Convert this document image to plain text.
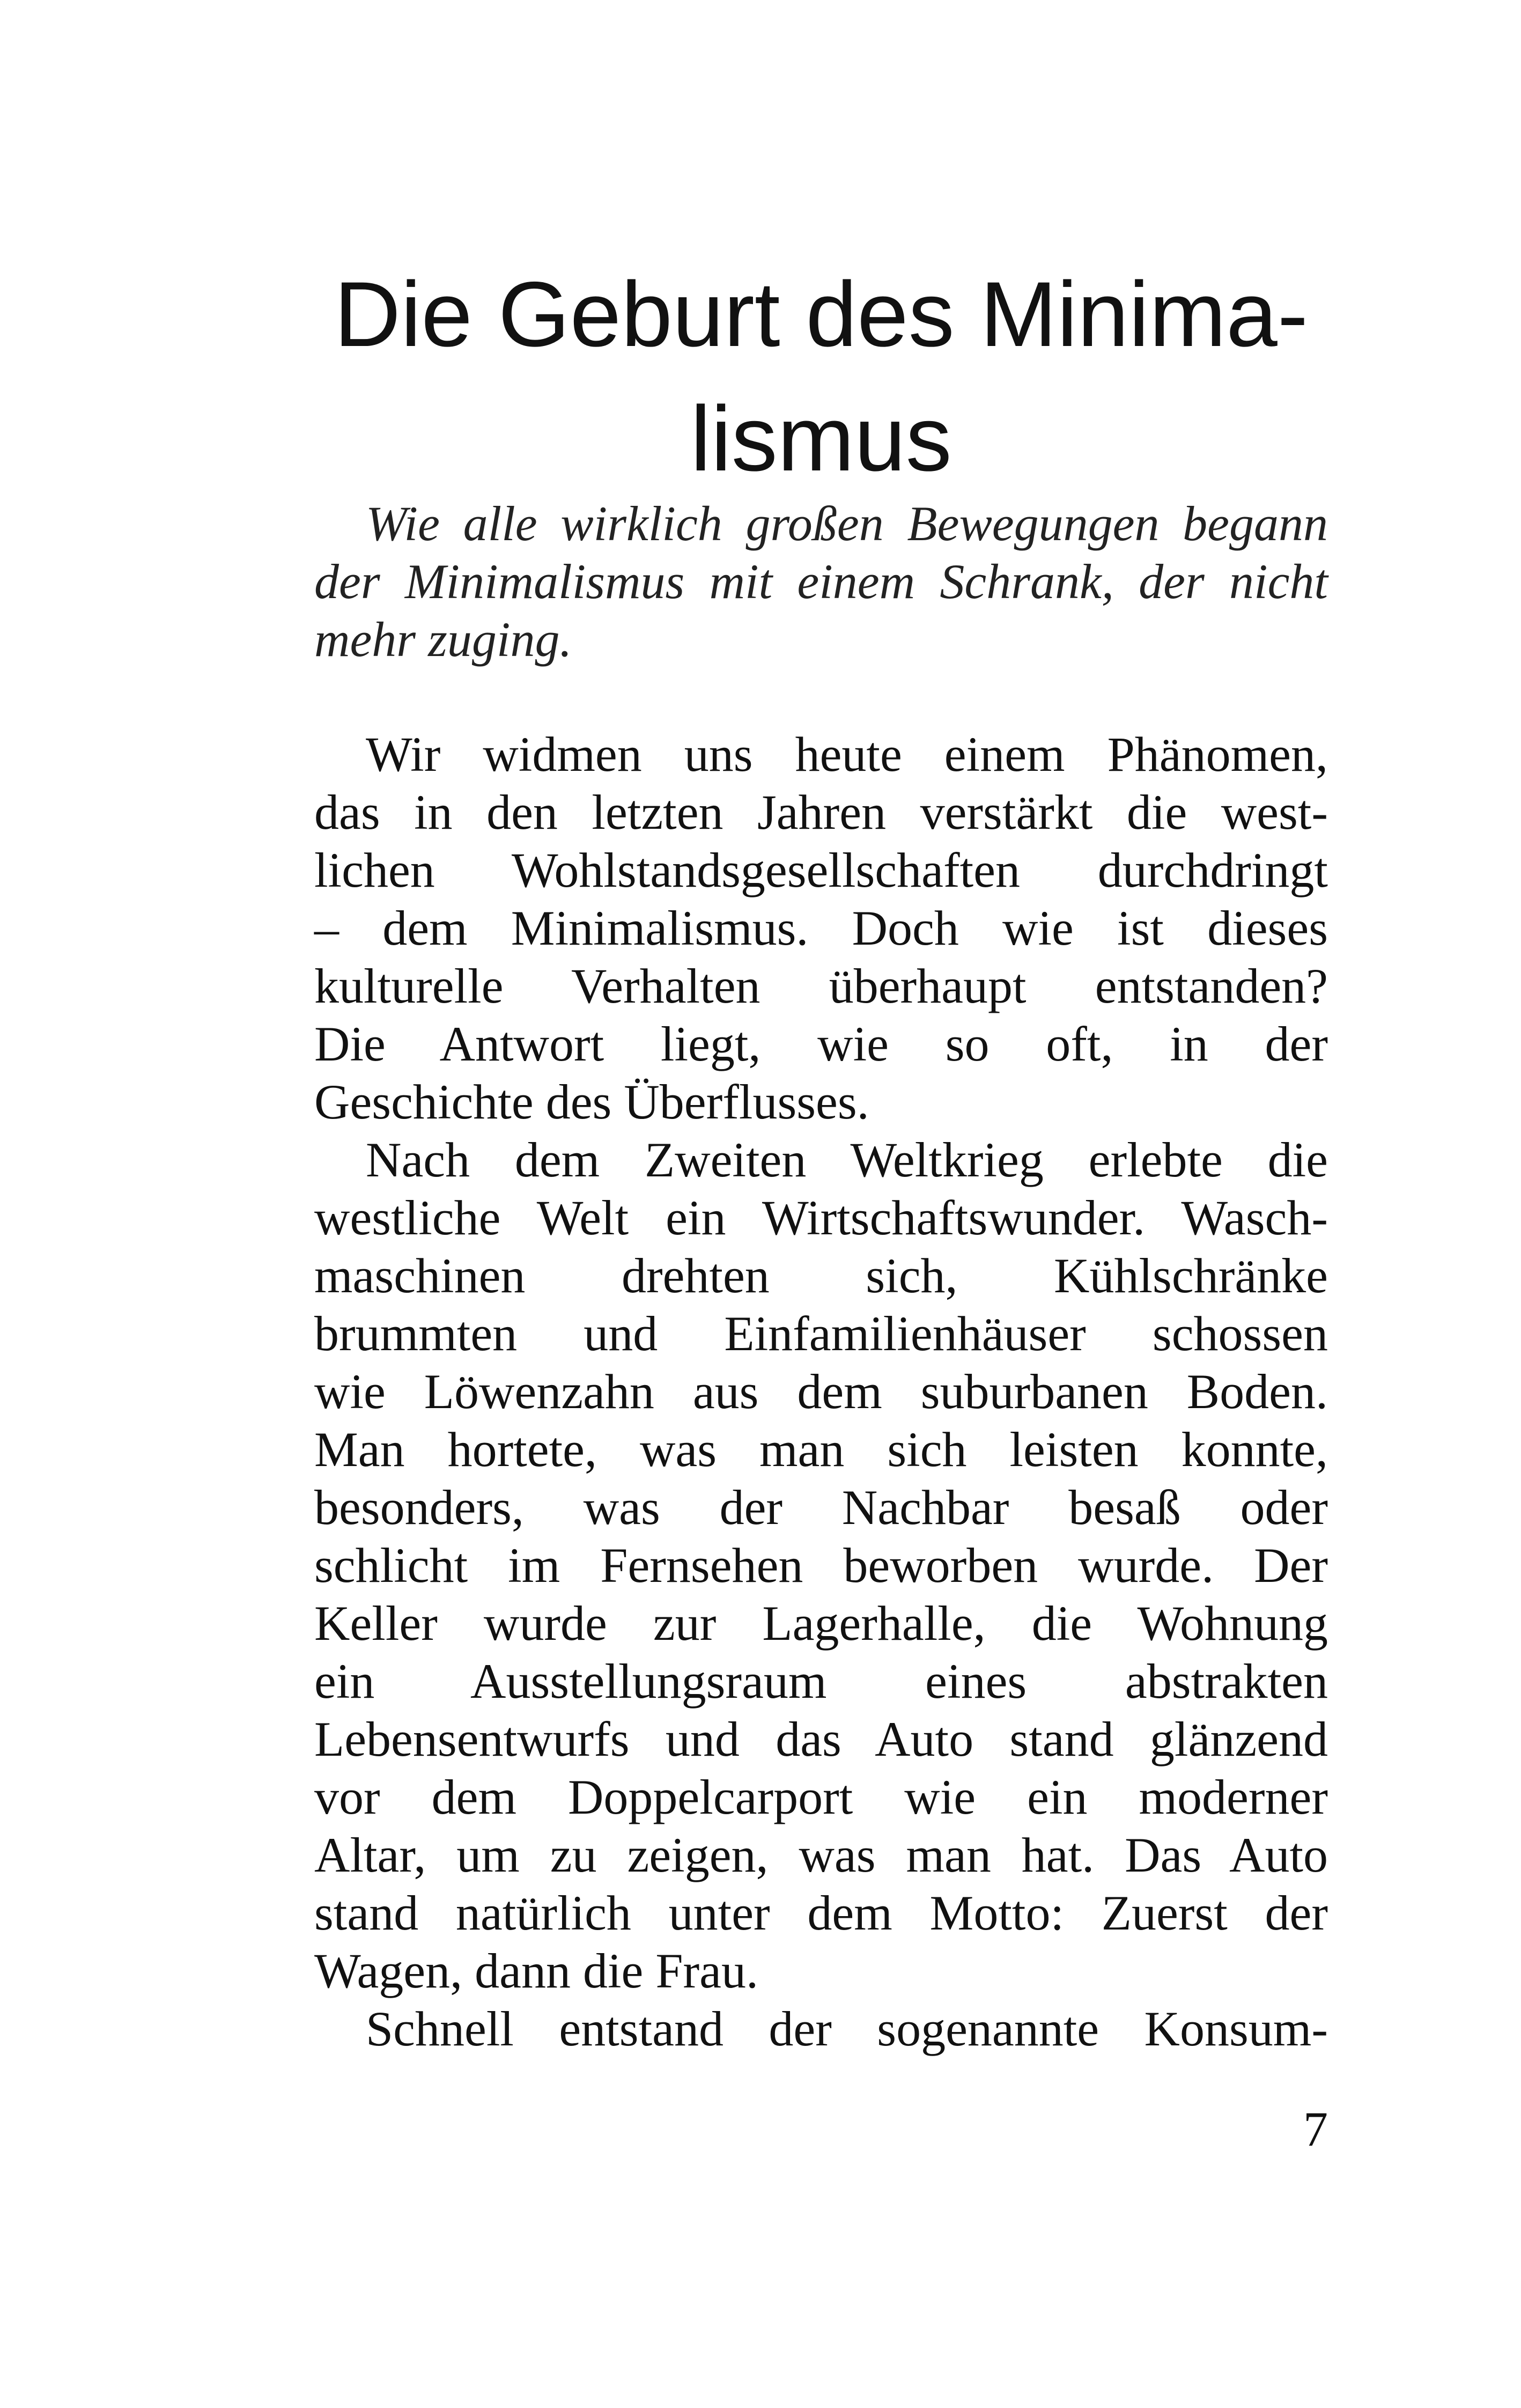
Die Geburt des Minima-
lismus
Wie alle wirklich großen Bewegungen begann
der Minimalismus mit einem Schrank, der nicht
mehr zuging.
Wir widmen uns heute einem Phänomen,
das in den letzten Jahren verstärkt die west-
lichen Wohlstandsgesellschaften durchdringt
– dem Minimalismus. Doch wie ist dieses
kulturelle Verhalten überhaupt entstanden?
Die Antwort liegt, wie so oft, in der
Geschichte des Überflusses.
Nach dem Zweiten Weltkrieg erlebte die
westliche Welt ein Wirtschaftswunder. Wasch-
maschinen drehten sich, Kühlschränke
brummten und Einfamilienhäuser schossen
wie Löwenzahn aus dem suburbanen Boden.
Man hortete, was man sich leisten konnte,
besonders, was der Nachbar besaß oder
schlicht im Fernsehen beworben wurde. Der
Keller wurde zur Lagerhalle, die Wohnung
ein Ausstellungsraum eines abstrakten
Lebensentwurfs und das Auto stand glänzend
vor dem Doppelcarport wie ein moderner
Altar, um zu zeigen, was man hat. Das Auto
stand natürlich unter dem Motto: Zuerst der
Wagen, dann die Frau.
Schnell entstand der sogenannte Konsum-
7
